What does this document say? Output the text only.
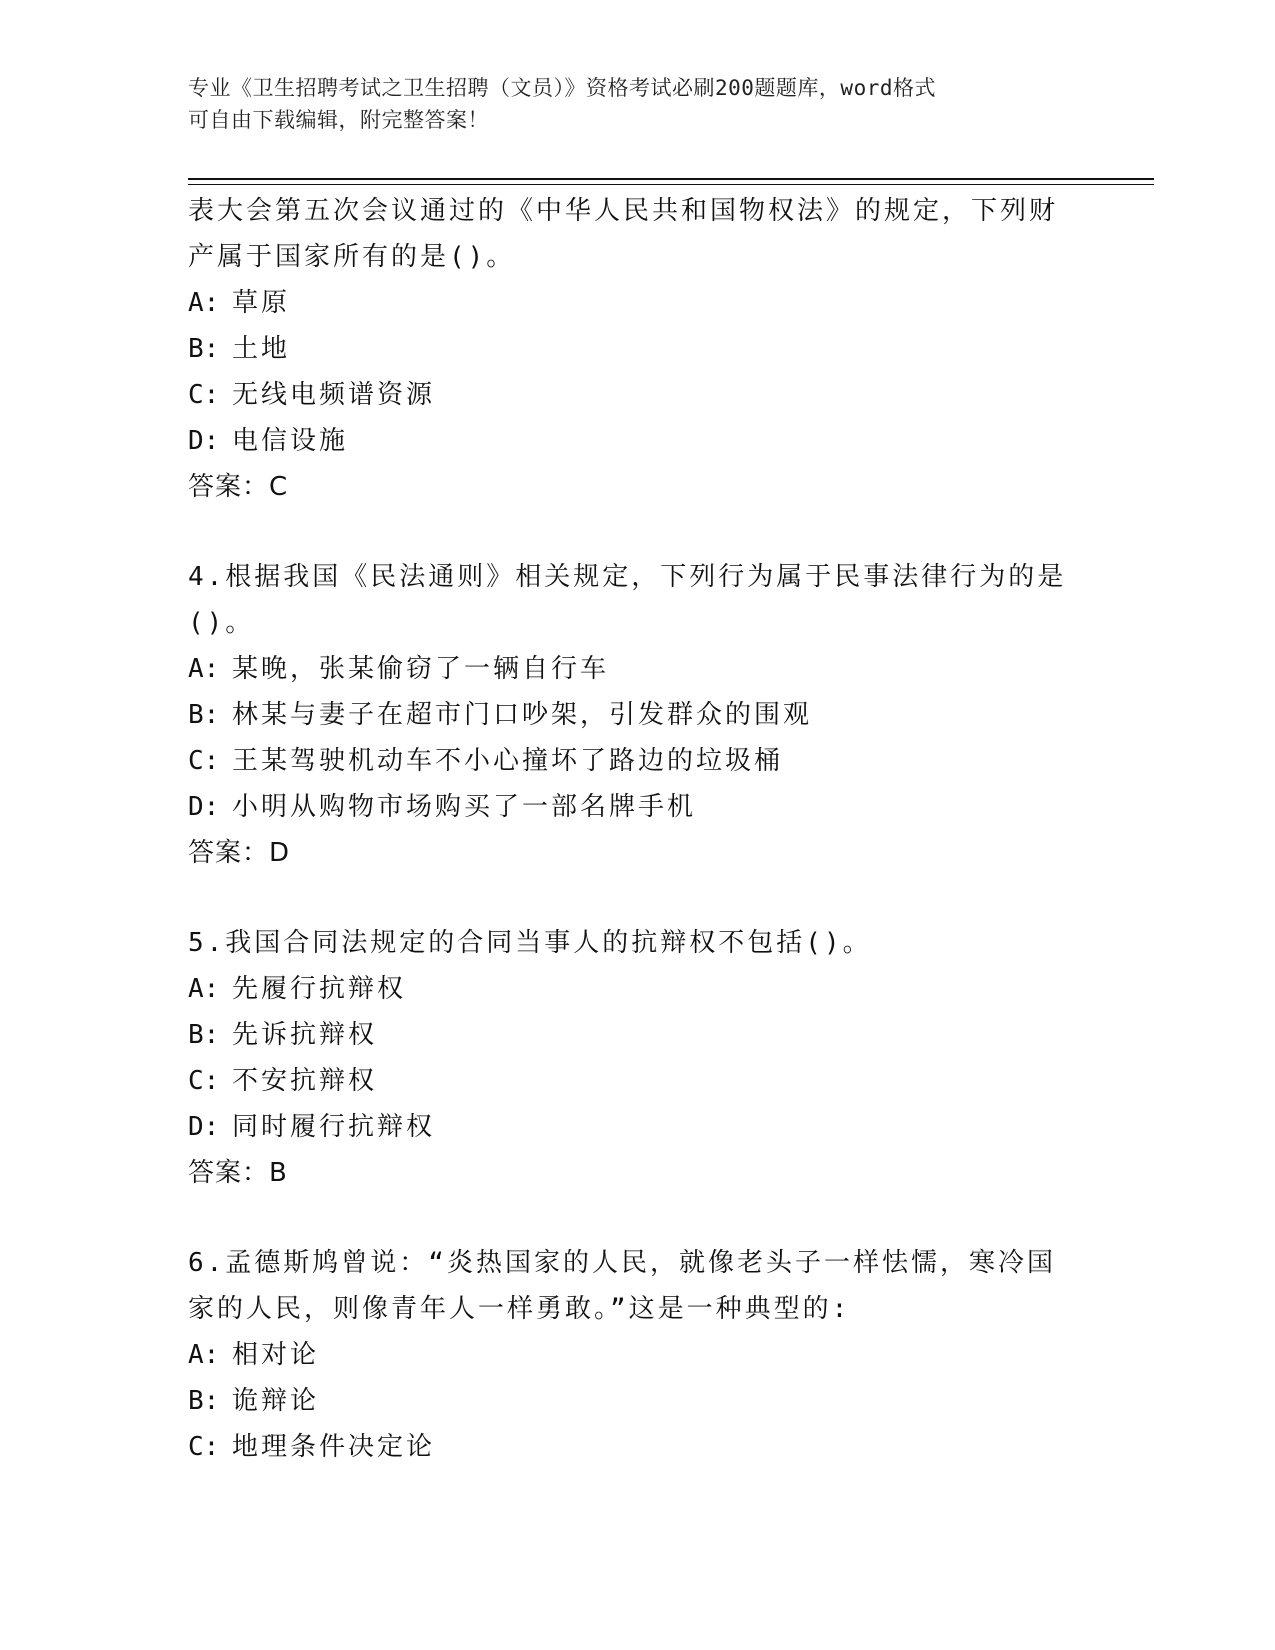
专业《卫生招聘考试之卫生招聘（文员）》资格考试必刷200题题库，word格式

可自由下载编辑，附完整答案！

表大会第五次会议通过的《中华人民共和国物权法》的规定，下列财

产属于国家所有的是()。

A: 草原

B: 土地

C: 无线电频谱资源

D: 电信设施

答案：C

4.根据我国《民法通则》相关规定，下列行为属于民事法律行为的是

()。

A: 某晚，张某偷窃了一辆自行车

B: 林某与妻子在超市门口吵架，引发群众的围观

C: 王某驾驶机动车不小心撞坏了路边的垃圾桶

D: 小明从购物市场购买了一部名牌手机

答案：D

5.我国合同法规定的合同当事人的抗辩权不包括()。

A: 先履行抗辩权

B: 先诉抗辩权

C: 不安抗辩权

D: 同时履行抗辩权

答案：B

6.孟德斯鸠曾说：“炎热国家的人民，就像老头子一样怯懦，寒冷国

家的人民，则像青年人一样勇敢。”这是一种典型的:

A: 相对论

B: 诡辩论

C: 地理条件决定论
